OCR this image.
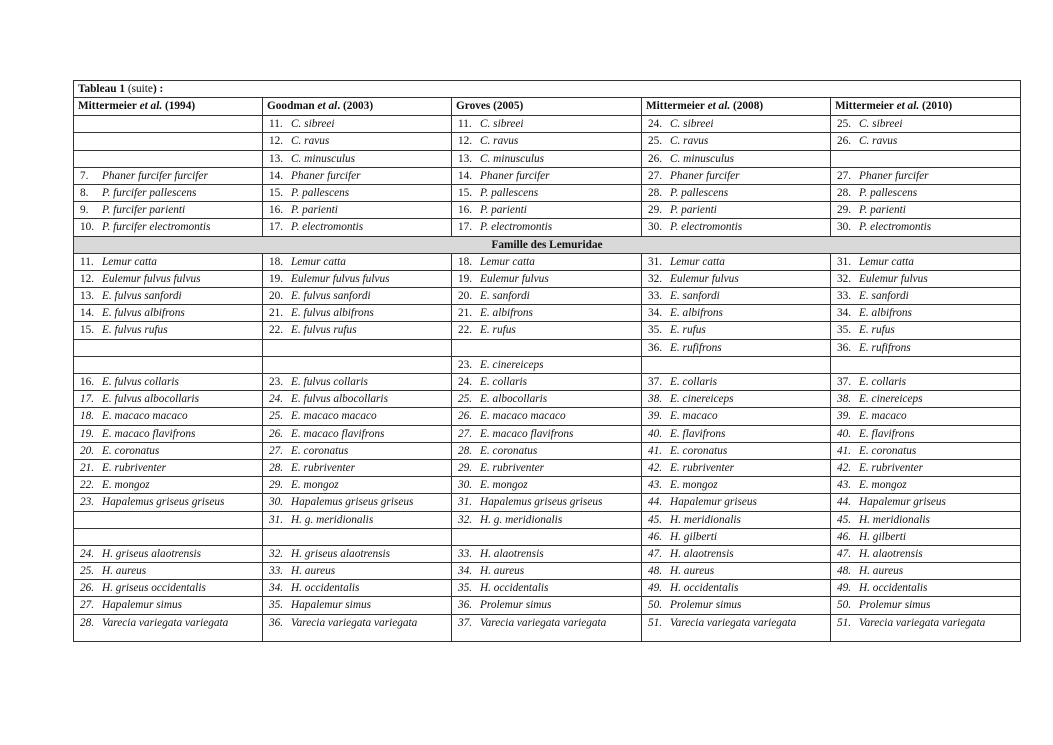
Tableau 1 (suite) :				
Mittermeier et al. (1994)	Goodman et al. (2003)	Groves (2005)	Mittermeier et al. (2008)	Mittermeier et al. (2010)
	11. C. sibreei	11. C. sibreei	24. C. sibreei	25. C. sibreei
	12. C. ravus	12. C. ravus	25. C. ravus	26. C. ravus
	13. C. minusculus	13. C. minusculus	26. C. minusculus	
7. Phaner furcifer furcifer	14. Phaner furcifer	14. Phaner furcifer	27. Phaner furcifer	27. Phaner furcifer
8. P. furcifer pallescens	15. P. pallescens	15. P. pallescens	28. P. pallescens	28. P. pallescens
9. P. furcifer parienti	16. P. parienti	16. P. parienti	29. P. parienti	29. P. parienti
10. P. furcifer electromontis	17. P. electromontis	17. P. electromontis	30. P. electromontis	30. P. electromontis
Famille des Lemuridae				
11. Lemur catta	18. Lemur catta	18. Lemur catta	31. Lemur catta	31. Lemur catta
12. Eulemur fulvus fulvus	19. Eulemur fulvus fulvus	19. Eulemur fulvus	32. Eulemur fulvus	32. Eulemur fulvus
13. E. fulvus sanfordi	20. E. fulvus sanfordi	20. E. sanfordi	33. E. sanfordi	33. E. sanfordi
14. E. fulvus albifrons	21. E. fulvus albifrons	21. E. albifrons	34. E. albifrons	34. E. albifrons
15. E. fulvus rufus	22. E. fulvus rufus	22. E. rufus	35. E. rufus	35. E. rufus
			36. E. rufifrons	36. E. rufifrons
		23. E. cinereiceps		
16. E. fulvus collaris	23. E. fulvus collaris	24. E. collaris	37. E. collaris	37. E. collaris
17. E. fulvus albocollaris	24. E. fulvus albocollaris	25. E. albocollaris	38. E. cinereiceps	38. E. cinereiceps
18. E. macaco macaco	25. E. macaco macaco	26. E. macaco macaco	39. E. macaco	39. E. macaco
19. E. macaco flavifrons	26. E. macaco flavifrons	27. E. macaco flavifrons	40. E. flavifrons	40. E. flavifrons
20. E. coronatus	27. E. coronatus	28. E. coronatus	41. E. coronatus	41. E. coronatus
21. E. rubriventer	28. E. rubriventer	29. E. rubriventer	42. E. rubriventer	42. E. rubriventer
22. E. mongoz	29. E. mongoz	30. E. mongoz	43. E. mongoz	43. E. mongoz
23. Hapalemus griseus griseus	30. Hapalemus griseus griseus	31. Hapalemus griseus griseus	44. Hapalemur griseus	44. Hapalemur griseus
	31. H. g. meridionalis	32. H. g. meridionalis	45. H. meridionalis	45. H. meridionalis
			46. H. gilberti	46. H. gilberti
24. H. griseus alaotrensis	32. H. griseus alaotrensis	33. H. alaotrensis	47. H. alaotrensis	47. H. alaotrensis
25. H. aureus	33. H. aureus	34. H. aureus	48. H. aureus	48. H. aureus
26. H. griseus occidentalis	34. H. occidentalis	35. H. occidentalis	49. H. occidentalis	49. H. occidentalis
27. Hapalemur simus	35. Hapalemur simus	36. Prolemur simus	50. Prolemur simus	50. Prolemur simus
28. Varecia variegata variegata	36. Varecia variegata variegata	37. Varecia variegata variegata	51. Varecia variegata variegata	51. Varecia variegata variegata
